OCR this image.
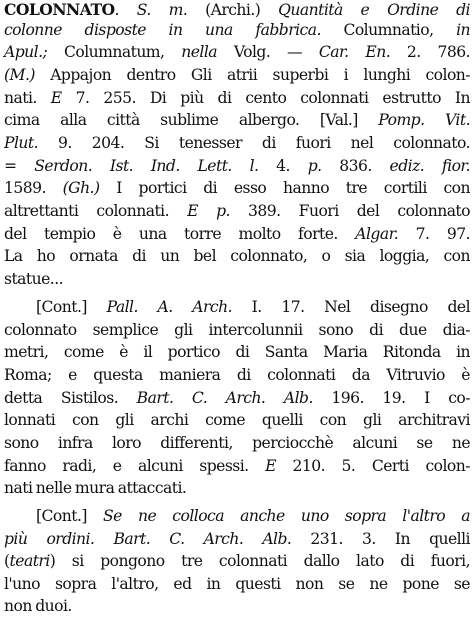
COLONNATO. S. m. (Archi.) Quantità e Ordine di
colonne disposte in una fabbrica. Columnatio, in
Apul.; Columnatum, nella Volg. — Car. En. 2. 786.
(M.) Appajon dentro Gli atrii superbi i lunghi colon-
nati. E 7. 255. Di più di cento colonnati estrutto In
cima alla città sublime albergo. [Val.] Pomp. Vit.
Plut. 9. 204. Si tenesser di fuori nel colonnato.
= Serdon. Ist. Ind. Lett. l. 4. p. 836. ediz. fior.
1589. (Gh.) I portici di esso hanno tre cortili con
altrettanti colonnati. E p. 389. Fuori del colonnato
del tempio è una torre molto forte. Algar. 7. 97.
La ho ornata di un bel colonnato, o sia loggia, con
statue...
[Cont.] Pall. A. Arch. I. 17. Nel disegno del
colonnato semplice gli intercolunnii sono di due dia-
metri, come è il portico di Santa Maria Ritonda in
Roma; e questa maniera di colonnati da Vitruvio è
detta Sistilos. Bart. C. Arch. Alb. 196. 19. I co-
lonnati con gli archi come quelli con gli architravi
sono infra loro differenti, perciocchè alcuni se ne
fanno radi, e alcuni spessi. E 210. 5. Certi colon-
nati nelle mura attaccati.
[Cont.] Se ne colloca anche uno sopra l'altro a
più ordini. Bart. C. Arch. Alb. 231. 3. In quelli
(teatri) si pongono tre colonnati dallo lato di fuori,
l'uno sopra l'altro, ed in questi non se ne pone se
non duoi.
